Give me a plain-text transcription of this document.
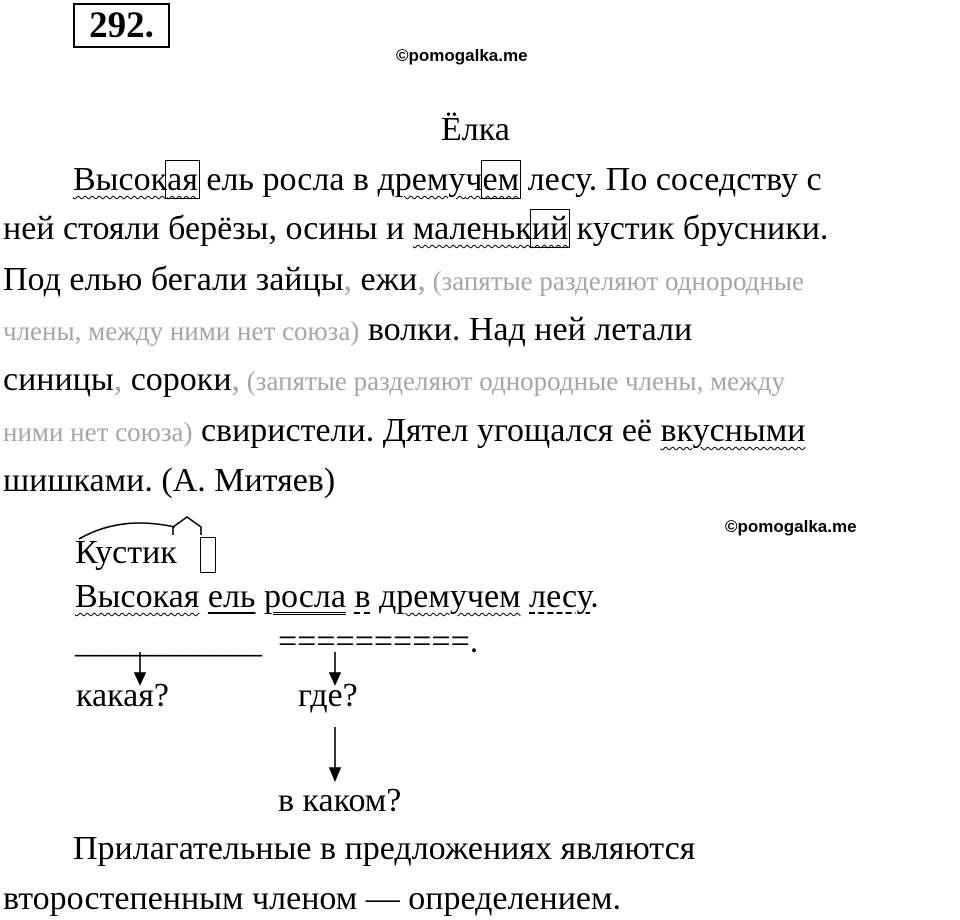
292.
©pomogalka.me
Ёлка
Высокая ель росла в дремучем лесу. По соседству с
ней стояли берёзы, осины и маленький кустик брусники.
Под елью бегали зайцы, ежи, (запятые разделяют однородные
члены, между ними нет союза) волки. Над ней летали
синицы, сороки, (запятые разделяют однородные члены, между
ними нет союза) свиристели. Дятел угощался её вкусными
шишками. (А. Митяев)
©pomogalka.me
Кустик
Высокая ель росла в дремучем лесу.
___________ ==========.
какая?	где?
в каком?
Прилагательные в предложениях являются
второстепенным членом — определением.
